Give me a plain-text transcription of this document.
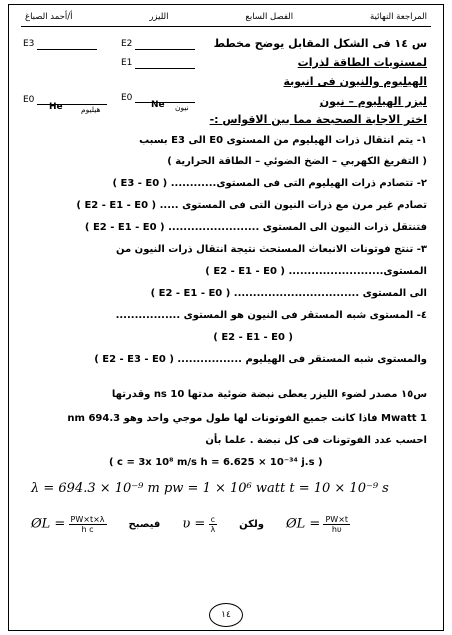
المراجعة النهائية
الفصل السابع
الليزر
أ/أحمد الصباغ
E3	E2
E1
E0
He هيليوم
E0
Ne نيون
س ١٤ فى الشكل المقابل يوضح مخطط
لمستويات الطاقة لذرات
الهيليوم والنيون فى انبوبة
ليزر الهيليوم – نيون
اختر الاجابة الصحيحة مما بين الاقواس :-
١- يتم انتقال ذرات الهيليوم من المستوى E0 الى E3 بسبب
( التفريغ الكهربي – الضخ الضوئي – الطاقة الحرارية )
٢- تتصادم ذرات الهيليوم التى فى المستوى............ ( E3 - E0 )
تصادم غير مرن مع ذرات النيون التى فى المستوى ..... ( E2 - E1 - E0 )
فتنتقل ذرات النيون الى المستوى ........................ ( E2 - E1 - E0 )
٣- تنتج فوتونات الانبعاث المستحث نتيجة انتقال ذرات النيون من
المستوى......................... ( E2 - E1 - E0 )
الى المستوى ................................. ( E2 - E1 - E0 )
٤- المستوى شبه المستقر فى النيون هو المستوى .................
( E2 - E1 - E0 )
والمستوى شبه المستقر فى الهيليوم ................. ( E2 - E3 - E0 )
س١٥ مصدر لضوء الليزر يعطى نبضة ضوئية مدتها 10 ns وقدرتها
1 Mwatt فاذا كانت جميع الفوتونات لها طول موجي واحد وهو 694.3 nm
احسب عدد الفوتونات فى كل نبضة . علما بأن
( c = 3x 10⁸ m/s h = 6.625 × 10⁻³⁴ j.s )
λ = 694.3 × 10⁻⁹ m pw = 1 × 10⁶ watt t = 10 × 10⁻⁹ s
ØL = $\frac{PW\times t\times\lambda}{\text{h c}}$ فيصبح $\upsilon = \frac{c}{\lambda}$ ولكن ØL = $\frac{PW\times t}{h\upsilon}$
١٤
